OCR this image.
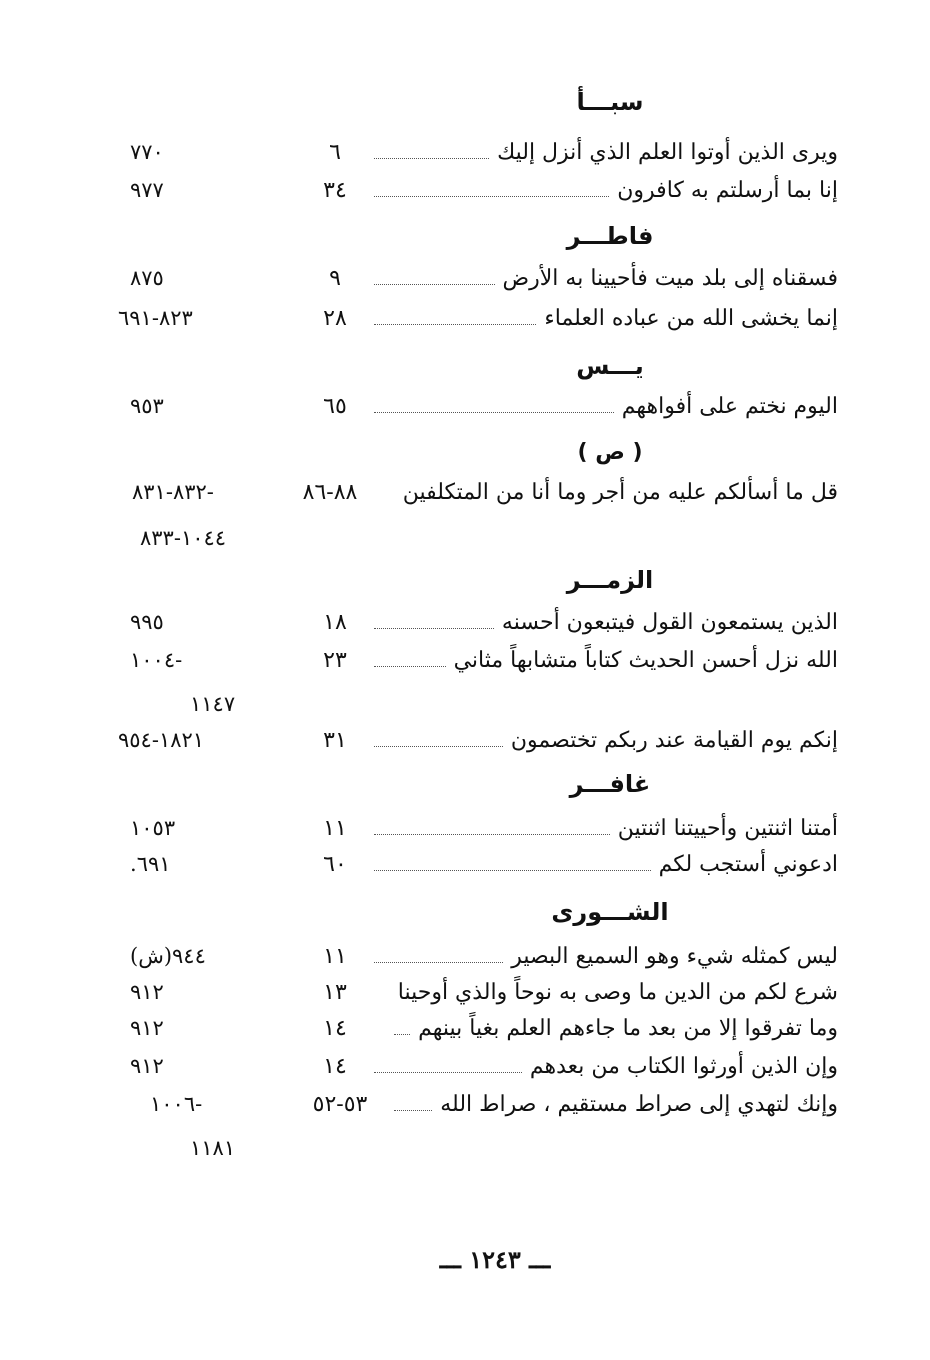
سبـــأ
ويرى الذين أوتوا العلم الذي أنزل إليك
٦
٧٧٠
إنا بما أرسلتم به كافرون
٣٤
٩٧٧
فاطـــر
فسقناه إلى بلد ميت فأحيينا به الأرض
٩
٨٧٥
إنما يخشى الله من عباده العلماء
٢٨
٨٢٣-٦٩١
يـــس
اليوم نختم على أفواههم
٦٥
٩٥٣
( ص )
قل ما أسألكم عليه من أجر وما أنا من المتكلفين
٨٨-٨٦
-٨٣٢-٨٣١
١٠٤٤-٨٣٣
الزمـــر
الذين يستمعون القول فيتبعون أحسنه
١٨
٩٩٥
الله نزل أحسن الحديث كتاباً متشابهاً مثاني
٢٣
-١٠٠٤
١١٤٧
إنكم يوم القيامة عند ربكم تختصمون
٣١
١٨٢١-٩٥٤
غافـــر
أمتنا اثنتين وأحييتنا اثنتين
١١
١٠٥٣
ادعوني أستجب لكم
٦٠
٦٩١.
الشـــورى
ليس كمثله شيء وهو السميع البصير
١١
٩٤٤(ش)
شرع لكم من الدين ما وصى به نوحاً والذي أوحينا
١٣
٩١٢
وما تفرقوا إلا من بعد ما جاءهم العلم بغياً بينهم
١٤
٩١٢
وإن الذين أورثوا الكتاب من بعدهم
١٤
٩١٢
وإنك لتهدي إلى صراط مستقيم ، صراط الله
٥٣-٥٢
-١٠٠٦
١١٨١
ـــ ١٢٤٣ ـــ
